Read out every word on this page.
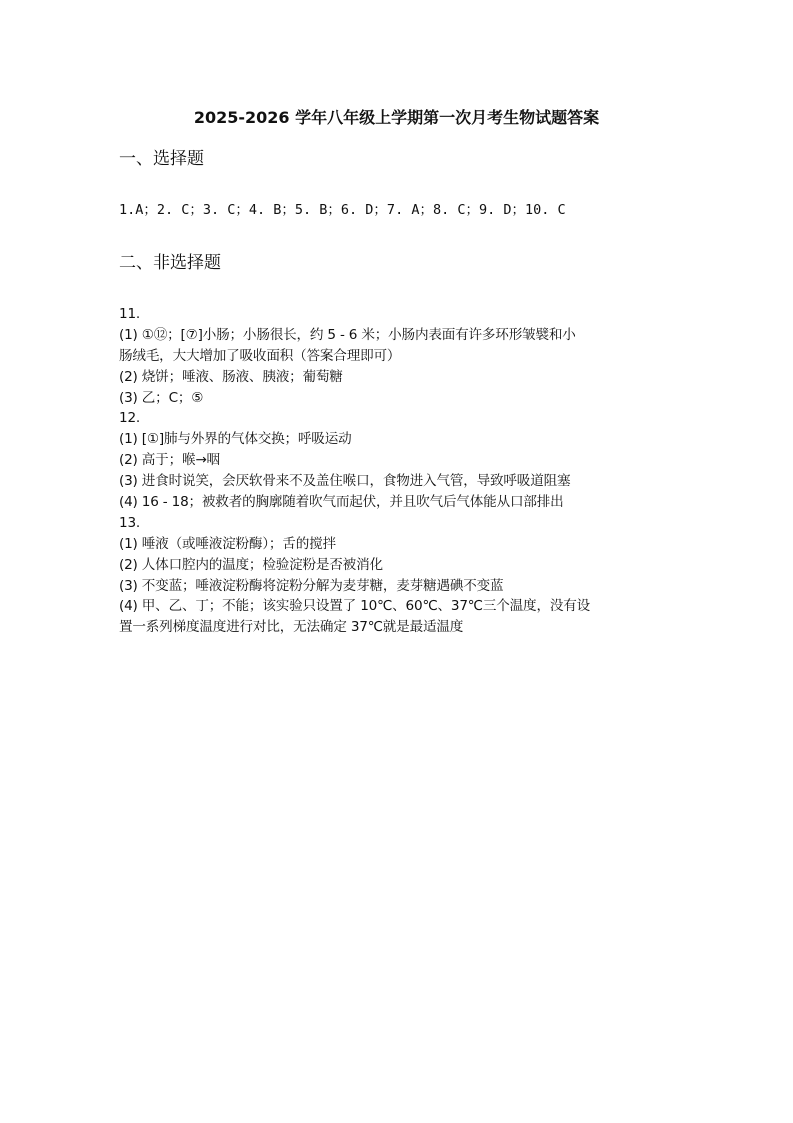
2025-2026 学年八年级上学期第一次月考生物试题答案
一、选择题
1.A；2. C；3. C；4. B；5. B；6. D；7. A；8. C；9. D；10. C
二、非选择题
11.
(1) ①⑫；[⑦]小肠；小肠很长，约 5 - 6 米；小肠内表面有许多环形皱襞和小
肠绒毛，大大增加了吸收面积（答案合理即可）
(2) 烧饼；唾液、肠液、胰液；葡萄糖
(3) 乙；C；⑤
12.
(1) [①]肺与外界的气体交换；呼吸运动
(2) 高于；喉→咽
(3) 进食时说笑，会厌软骨来不及盖住喉口，食物进入气管，导致呼吸道阻塞
(4) 16 - 18；被救者的胸廓随着吹气而起伏，并且吹气后气体能从口部排出
13.
(1) 唾液（或唾液淀粉酶）；舌的搅拌
(2) 人体口腔内的温度；检验淀粉是否被消化
(3) 不变蓝；唾液淀粉酶将淀粉分解为麦芽糖，麦芽糖遇碘不变蓝
(4) 甲、乙、丁；不能；该实验只设置了 10℃、60℃、37℃三个温度，没有设
置一系列梯度温度进行对比，无法确定 37℃就是最适温度
